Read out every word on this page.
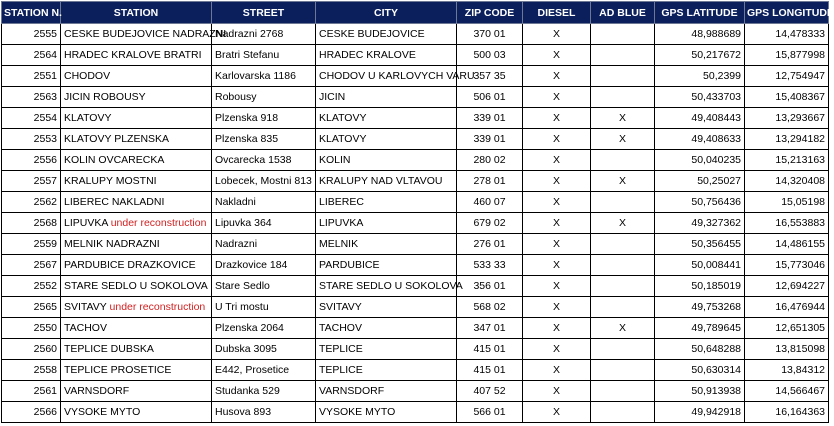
STATION N.	STATION	STREET	CITY	ZIP CODE	DIESEL	AD BLUE	GPS LATITUDE	GPS LONGITUDE
2555	CESKE BUDEJOVICE NADRAZNI	Nadrazni 2768	CESKE BUDEJOVICE	370 01	X		48,988689	14,478333
2564	HRADEC KRALOVE BRATRI	Bratri Stefanu	HRADEC KRALOVE	500 03	X		50,217672	15,877998
2551	CHODOV	Karlovarska 1186	CHODOV U KARLOVYCH VARU	357 35	X		50,2399	12,754947
2563	JICIN ROBOUSY	Robousy	JICIN	506 01	X		50,433703	15,408367
2554	KLATOVY	Plzenska 918	KLATOVY	339 01	X	X	49,408443	13,293667
2553	KLATOVY PLZENSKA	Plzenska 835	KLATOVY	339 01	X	X	49,408633	13,294182
2556	KOLIN OVCARECKA	Ovcarecka 1538	KOLIN	280 02	X		50,040235	15,213163
2557	KRALUPY MOSTNI	Lobecek, Mostni 813	KRALUPY NAD VLTAVOU	278 01	X	X	50,25027	14,320408
2562	LIBEREC NAKLADNI	Nakladni	LIBEREC	460 07	X		50,756436	15,05198
2568	LIPUVKA under reconstruction	Lipuvka 364	LIPUVKA	679 02	X	X	49,327362	16,553883
2559	MELNIK NADRAZNI	Nadrazni	MELNIK	276 01	X		50,356455	14,486155
2567	PARDUBICE DRAZKOVICE	Drazkovice 184	PARDUBICE	533 33	X		50,008441	15,773046
2552	STARE SEDLO U SOKOLOVA	Stare Sedlo	STARE SEDLO U SOKOLOVA	356 01	X		50,185019	12,694227
2565	SVITAVY under reconstruction	U Tri mostu	SVITAVY	568 02	X		49,753268	16,476944
2550	TACHOV	Plzenska 2064	TACHOV	347 01	X	X	49,789645	12,651305
2560	TEPLICE DUBSKA	Dubska 3095	TEPLICE	415 01	X		50,648288	13,815098
2558	TEPLICE PROSETICE	E442, Prosetice	TEPLICE	415 01	X		50,630314	13,84312
2561	VARNSDORF	Studanka 529	VARNSDORF	407 52	X		50,913938	14,566467
2566	VYSOKE MYTO	Husova 893	VYSOKE MYTO	566 01	X		49,942918	16,164363
